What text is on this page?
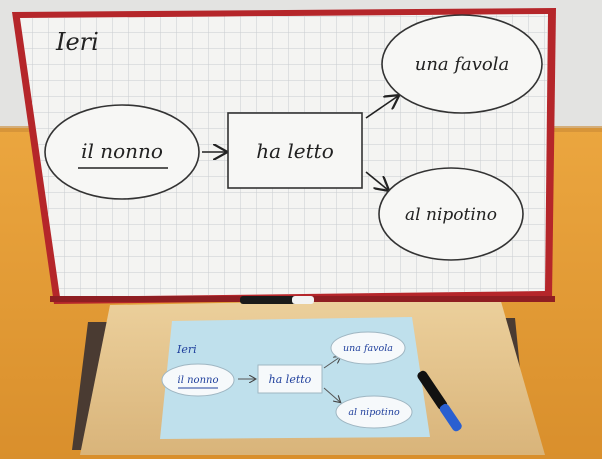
Ieri
il nonno	ha letto
una favola
al nipotino
Ieri
il nonno	ha letto
una favola
al nipotino
